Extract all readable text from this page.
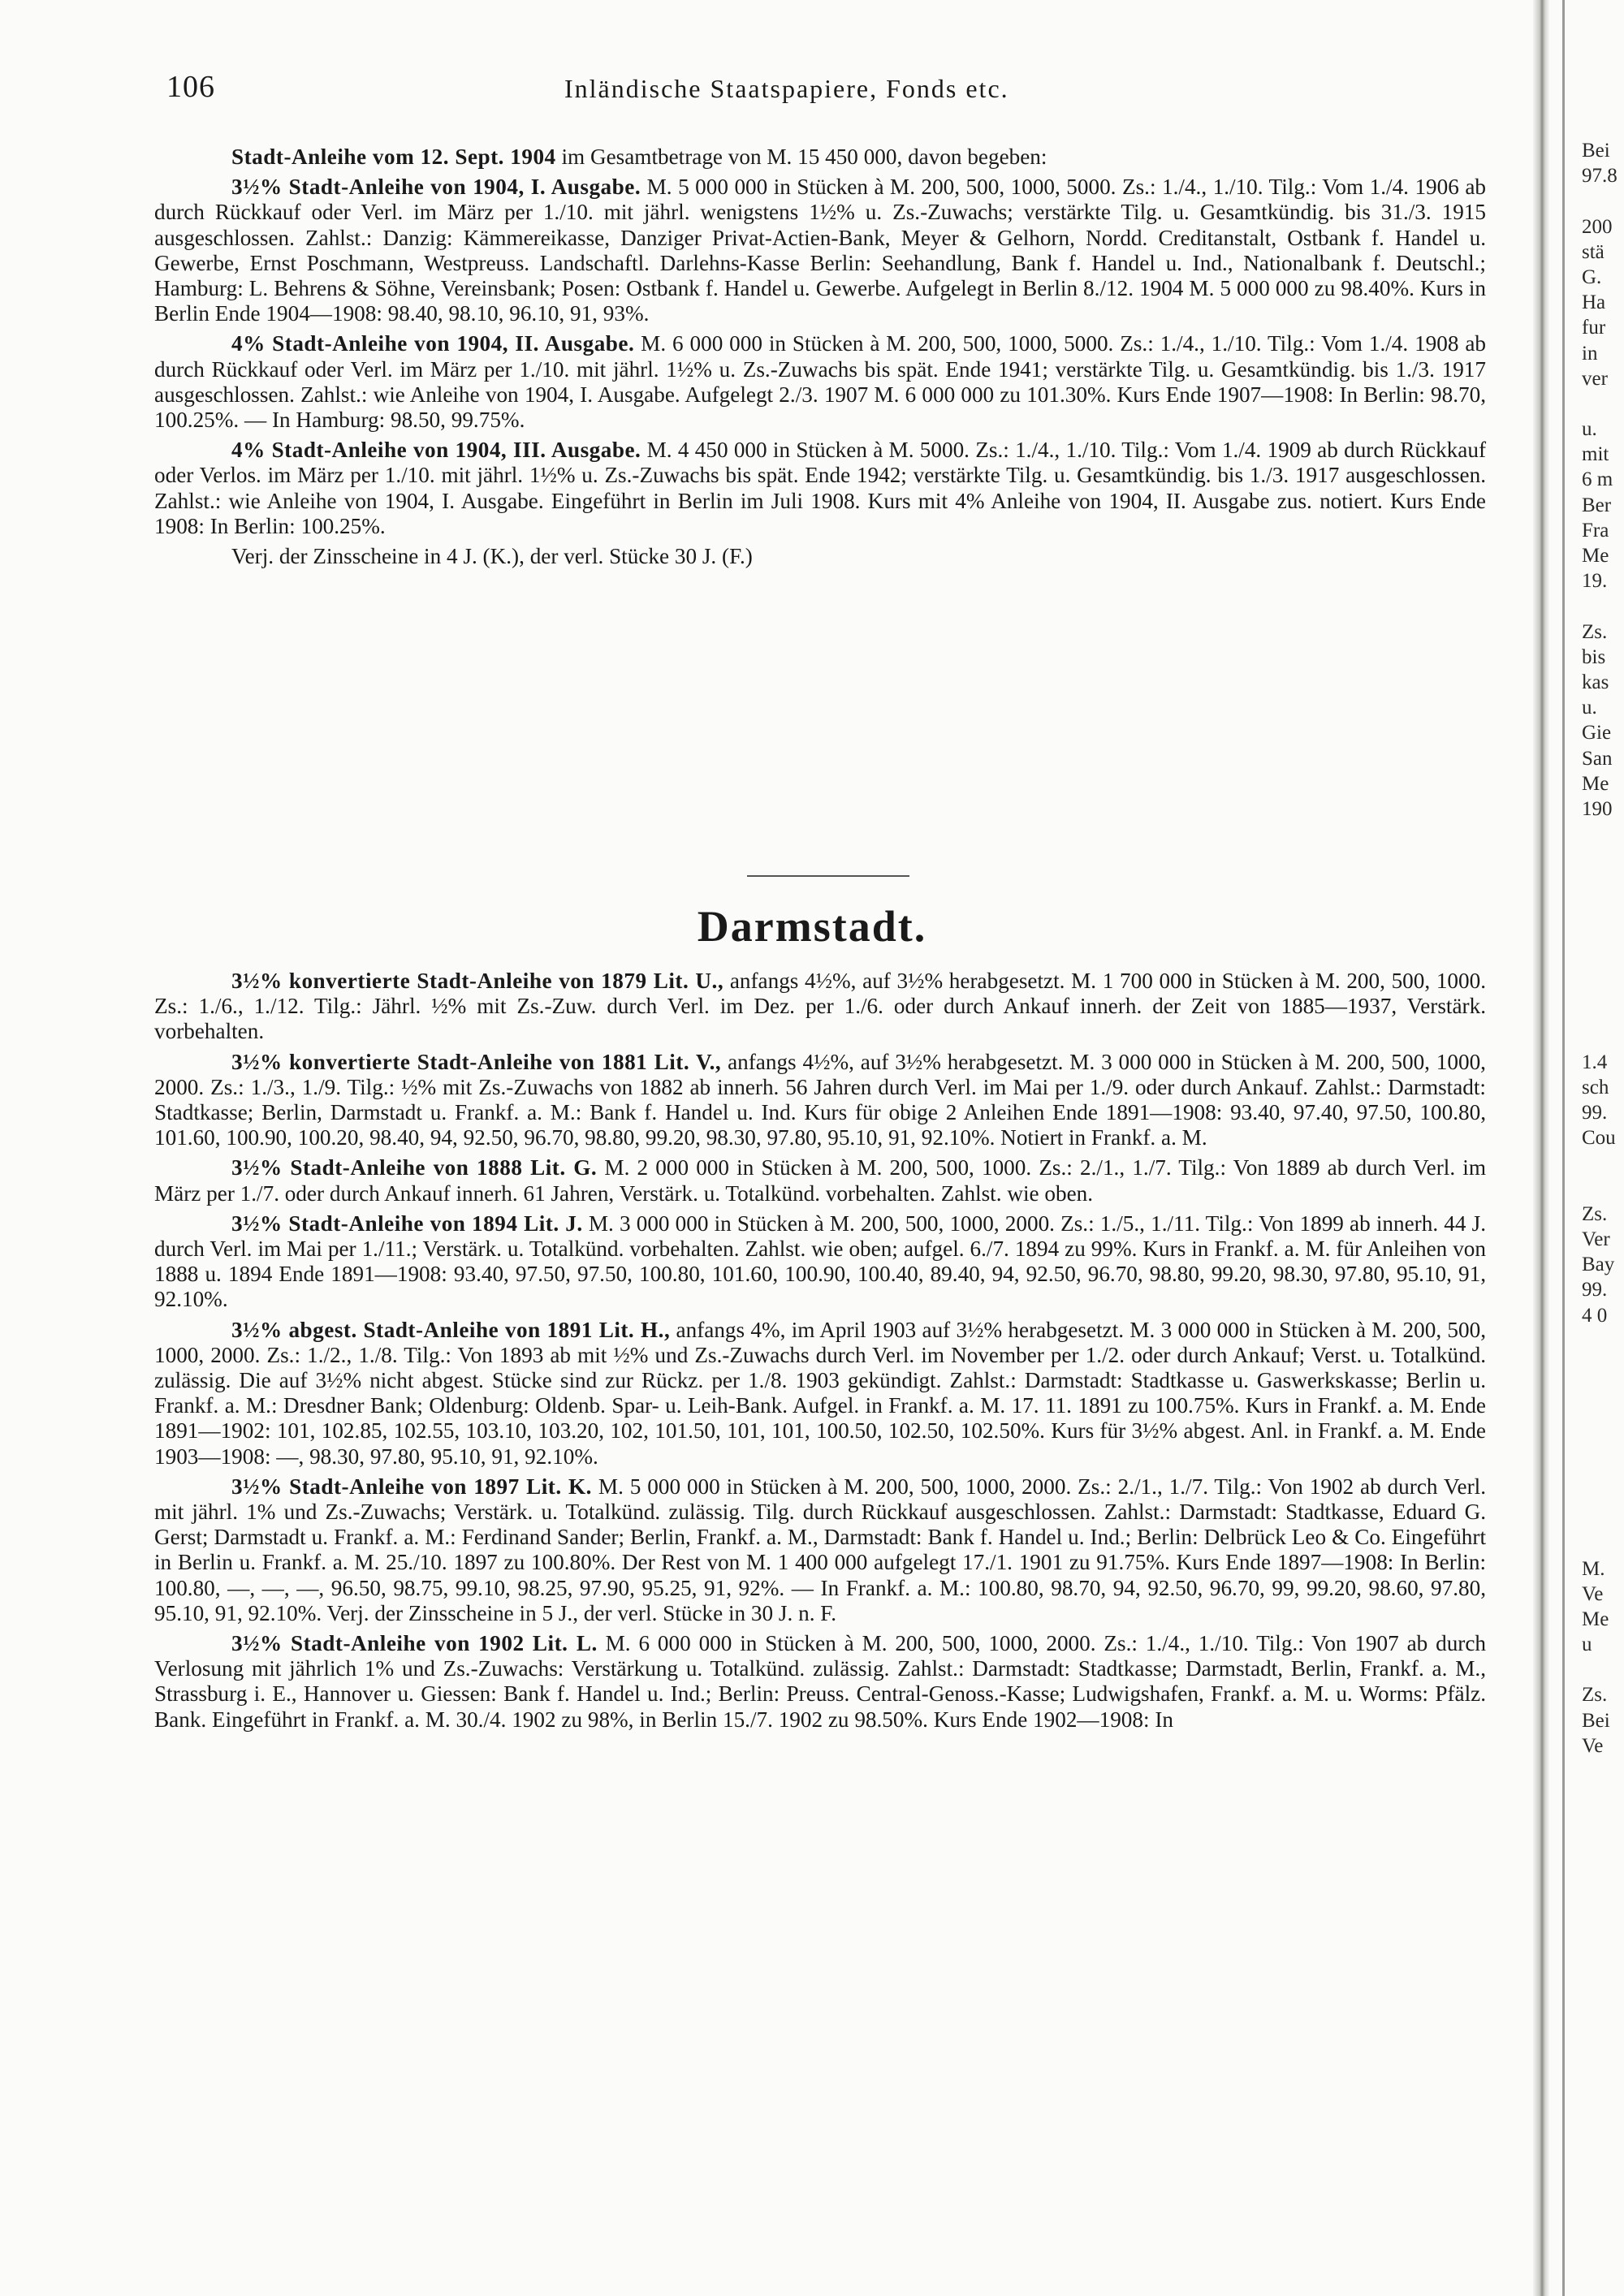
106	Inländische Staatspapiere, Fonds etc.

Stadt-Anleihe vom 12. Sept. 1904 im Gesamtbetrage von M. 15 450 000, davon begeben:

3½% Stadt-Anleihe von 1904, I. Ausgabe. M. 5 000 000 in Stücken à M. 200, 500, 1000, 5000. Zs.: 1./4., 1./10. Tilg.: Vom 1./4. 1906 ab durch Rückkauf oder Verl. im März per 1./10. mit jährl. wenigstens 1½% u. Zs.-Zuwachs; verstärkte Tilg. u. Gesamtkündig. bis 31./3. 1915 ausgeschlossen. Zahlst.: Danzig: Kämmereikasse, Danziger Privat-Actien-Bank, Meyer & Gelhorn, Nordd. Creditanstalt, Ostbank f. Handel u. Gewerbe, Ernst Poschmann, Westpreuss. Landschaftl. Darlehns-Kasse Berlin: Seehandlung, Bank f. Handel u. Ind., Nationalbank f. Deutschl.; Hamburg: L. Behrens & Söhne, Vereinsbank; Posen: Ostbank f. Handel u. Gewerbe. Aufgelegt in Berlin 8./12. 1904 M. 5 000 000 zu 98.40%. Kurs in Berlin Ende 1904—1908: 98.40, 98.10, 96.10, 91, 93%.

4% Stadt-Anleihe von 1904, II. Ausgabe. M. 6 000 000 in Stücken à M. 200, 500, 1000, 5000. Zs.: 1./4., 1./10. Tilg.: Vom 1./4. 1908 ab durch Rückkauf oder Verl. im März per 1./10. mit jährl. 1½% u. Zs.-Zuwachs bis spät. Ende 1941; verstärkte Tilg. u. Gesamtkündig. bis 1./3. 1917 ausgeschlossen. Zahlst.: wie Anleihe von 1904, I. Ausgabe. Aufgelegt 2./3. 1907 M. 6 000 000 zu 101.30%. Kurs Ende 1907—1908: In Berlin: 98.70, 100.25%. — In Hamburg: 98.50, 99.75%.

4% Stadt-Anleihe von 1904, III. Ausgabe. M. 4 450 000 in Stücken à M. 5000. Zs.: 1./4., 1./10. Tilg.: Vom 1./4. 1909 ab durch Rückkauf oder Verlos. im März per 1./10. mit jährl. 1½% u. Zs.-Zuwachs bis spät. Ende 1942; verstärkte Tilg. u. Gesamtkündig. bis 1./3. 1917 ausgeschlossen. Zahlst.: wie Anleihe von 1904, I. Ausgabe. Eingeführt in Berlin im Juli 1908. Kurs mit 4% Anleihe von 1904, II. Ausgabe zus. notiert. Kurs Ende 1908: In Berlin: 100.25%.

Verj. der Zinsscheine in 4 J. (K.), der verl. Stücke 30 J. (F.)

Darmstadt.

3½% konvertierte Stadt-Anleihe von 1879 Lit. U., anfangs 4½%, auf 3½% herabgesetzt. M. 1 700 000 in Stücken à M. 200, 500, 1000. Zs.: 1./6., 1./12. Tilg.: Jährl. ½% mit Zs.-Zuw. durch Verl. im Dez. per 1./6. oder durch Ankauf innerh. der Zeit von 1885—1937, Verstärk. vorbehalten.

3½% konvertierte Stadt-Anleihe von 1881 Lit. V., anfangs 4½%, auf 3½% herabgesetzt. M. 3 000 000 in Stücken à M. 200, 500, 1000, 2000. Zs.: 1./3., 1./9. Tilg.: ½% mit Zs.-Zuwachs von 1882 ab innerh. 56 Jahren durch Verl. im Mai per 1./9. oder durch Ankauf. Zahlst.: Darmstadt: Stadtkasse; Berlin, Darmstadt u. Frankf. a. M.: Bank f. Handel u. Ind. Kurs für obige 2 Anleihen Ende 1891—1908: 93.40, 97.40, 97.50, 100.80, 101.60, 100.90, 100.20, 98.40, 94, 92.50, 96.70, 98.80, 99.20, 98.30, 97.80, 95.10, 91, 92.10%. Notiert in Frankf. a. M.

3½% Stadt-Anleihe von 1888 Lit. G. M. 2 000 000 in Stücken à M. 200, 500, 1000. Zs.: 2./1., 1./7. Tilg.: Von 1889 ab durch Verl. im März per 1./7. oder durch Ankauf innerh. 61 Jahren, Verstärk. u. Totalkünd. vorbehalten. Zahlst. wie oben.

3½% Stadt-Anleihe von 1894 Lit. J. M. 3 000 000 in Stücken à M. 200, 500, 1000, 2000. Zs.: 1./5., 1./11. Tilg.: Von 1899 ab innerh. 44 J. durch Verl. im Mai per 1./11.; Verstärk. u. Totalkünd. vorbehalten. Zahlst. wie oben; aufgel. 6./7. 1894 zu 99%. Kurs in Frankf. a. M. für Anleihen von 1888 u. 1894 Ende 1891—1908: 93.40, 97.50, 97.50, 100.80, 101.60, 100.90, 100.40, 89.40, 94, 92.50, 96.70, 98.80, 99.20, 98.30, 97.80, 95.10, 91, 92.10%.

3½% abgest. Stadt-Anleihe von 1891 Lit. H., anfangs 4%, im April 1903 auf 3½% herabgesetzt. M. 3 000 000 in Stücken à M. 200, 500, 1000, 2000. Zs.: 1./2., 1./8. Tilg.: Von 1893 ab mit ½% und Zs.-Zuwachs durch Verl. im November per 1./2. oder durch Ankauf; Verst. u. Totalkünd. zulässig. Die auf 3½% nicht abgest. Stücke sind zur Rückz. per 1./8. 1903 gekündigt. Zahlst.: Darmstadt: Stadtkasse u. Gaswerkskasse; Berlin u. Frankf. a. M.: Dresdner Bank; Oldenburg: Oldenb. Spar- u. Leih-Bank. Aufgel. in Frankf. a. M. 17. 11. 1891 zu 100.75%. Kurs in Frankf. a. M. Ende 1891—1902: 101, 102.85, 102.55, 103.10, 103.20, 102, 101.50, 101, 101, 100.50, 102.50, 102.50%. Kurs für 3½% abgest. Anl. in Frankf. a. M. Ende 1903—1908: —, 98.30, 97.80, 95.10, 91, 92.10%.

3½% Stadt-Anleihe von 1897 Lit. K. M. 5 000 000 in Stücken à M. 200, 500, 1000, 2000. Zs.: 2./1., 1./7. Tilg.: Von 1902 ab durch Verl. mit jährl. 1% und Zs.-Zuwachs; Verstärk. u. Totalkünd. zulässig. Tilg. durch Rückkauf ausgeschlossen. Zahlst.: Darmstadt: Stadtkasse, Eduard G. Gerst; Darmstadt u. Frankf. a. M.: Ferdinand Sander; Berlin, Frankf. a. M., Darmstadt: Bank f. Handel u. Ind.; Berlin: Delbrück Leo & Co. Eingeführt in Berlin u. Frankf. a. M. 25./10. 1897 zu 100.80%. Der Rest von M. 1 400 000 aufgelegt 17./1. 1901 zu 91.75%. Kurs Ende 1897—1908: In Berlin: 100.80, —, —, —, 96.50, 98.75, 99.10, 98.25, 97.90, 95.25, 91, 92%. — In Frankf. a. M.: 100.80, 98.70, 94, 92.50, 96.70, 99, 99.20, 98.60, 97.80, 95.10, 91, 92.10%. Verj. der Zinsscheine in 5 J., der verl. Stücke in 30 J. n. F.

3½% Stadt-Anleihe von 1902 Lit. L. M. 6 000 000 in Stücken à M. 200, 500, 1000, 2000. Zs.: 1./4., 1./10. Tilg.: Von 1907 ab durch Verlosung mit jährlich 1% und Zs.-Zuwachs: Verstärkung u. Totalkünd. zulässig. Zahlst.: Darmstadt: Stadtkasse; Darmstadt, Berlin, Frankf. a. M., Strassburg i. E., Hannover u. Giessen: Bank f. Handel u. Ind.; Berlin: Preuss. Central-Genoss.-Kasse; Ludwigshafen, Frankf. a. M. u. Worms: Pfälz. Bank. Eingeführt in Frankf. a. M. 30./4. 1902 zu 98%, in Berlin 15./7. 1902 zu 98.50%. Kurs Ende 1902—1908: In

Bei
97.8
200
stä
G.
Ha
fur
in
ver
u.
mit
6 m
Ber
Fra
Me
19.
Zs.
bis
kas
u.
Gie
San
Me
190
1.4
sch
99.
Cou
Zs.
Ver
Bay
99.
4 0
M.
Ve
Me
u
Zs.
Bei
Ve
